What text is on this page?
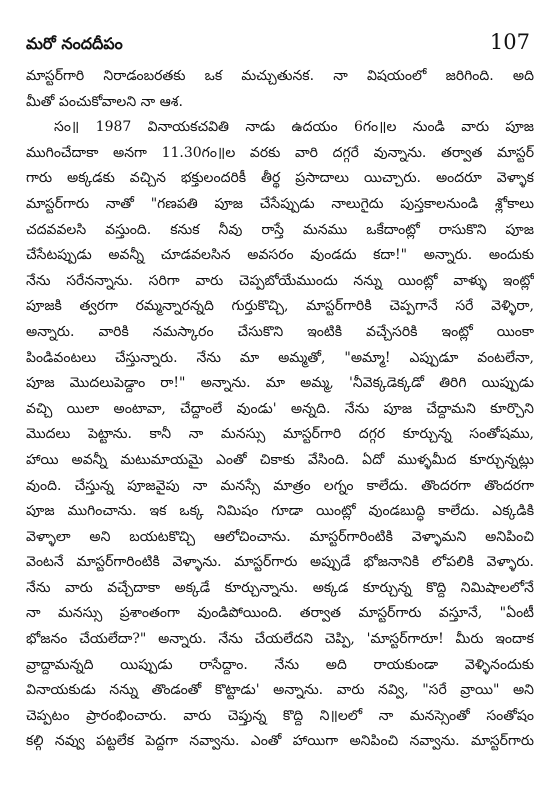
మరో నందదీపం	107
మాస్టర్‌గారి నిరాడంబరతకు ఒక మచ్చుతునక. నా విషయంలో జరిగింది. అది
మీతో పంచుకోవాలని నా ఆశ.
సం॥ 1987 వినాయకచవితి నాడు ఉదయం 6గం॥ల నుండి వారు పూజ
ముగించేదాకా అనగా 11.30గం॥ల వరకు వారి దగ్గరే వున్నాను. తర్వాత మాస్టర్
గారు అక్కడకు వచ్చిన భక్తులందరికీ తీర్థ ప్రసాదాలు యిచ్చారు. అందరూ వెళ్ళాక
మాస్టర్‌గారు నాతో "గణపతి పూజ చేసేప్పుడు నాలుగైదు పుస్తకాలనుండి శ్లోకాలు
చదవవలసి వస్తుంది. కనుక నీవు రాస్తే మనము ఒకేదాంట్లో రాసుకొని పూజ
చేసేటప్పుడు అవన్నీ చూడవలసిన అవసరం వుండదు కదా!" అన్నారు. అందుకు
నేను సరేనన్నాను. సరిగా వారు చెప్పబోయేముందు నన్ను యింట్లో వాళ్ళు ఇంట్లో
పూజకి త్వరగా రమ్మన్నారన్నది గుర్తుకొచ్చి, మాస్టర్‌గారికి చెప్పగానే సరే వెళ్ళిరా,
అన్నారు. వారికి నమస్కారం చేసుకొని ఇంటికి వచ్చేసరికి ఇంట్లో యింకా
పిండివంటలు చేస్తున్నారు. నేను మా అమ్మతో, "అమ్మా! ఎప్పుడూ వంటలేనా,
పూజ మొదలుపెడ్దాం రా!" అన్నాను. మా అమ్మ, 'నీవెక్కడెక్కడో తిరిగి యిప్పుడు
వచ్చి యిలా అంటావా, చేద్దాంలే వుండు' అన్నది. నేను పూజ చేద్దామని కూర్చొని
మొదలు పెట్టాను. కానీ నా మనస్సు మాస్టర్‌గారి దగ్గర కూర్చున్న సంతోషము,
హాయి అవన్నీ మటుమాయమై ఎంతో చికాకు వేసింది. ఏదో ముళ్ళమీద కూర్చున్నట్లు
వుంది. చేస్తున్న పూజవైపు నా మనస్సే మాత్రం లగ్నం కాలేదు. తొందరగా తొందరగా
పూజ ముగించాను. ఇక ఒక్క నిమిషం గూడా యింట్లో వుండబుద్ధి కాలేదు. ఎక్కడికి
వెళ్ళాలా అని బయటకొచ్చి ఆలోచించాను. మాస్టర్‌గారింటికి వెళ్ళామని అనిపించి
వెంటనే మాస్టర్‌గారింటికి వెళ్ళాను. మాస్టర్‌గారు అప్పుడే భోజనానికి లోపలికి వెళ్ళారు.
నేను వారు వచ్చేదాకా అక్కడే కూర్చున్నాను. అక్కడ కూర్చున్న కొద్ది నిమిషాలలోనే
నా మనస్సు ప్రశాంతంగా వుండిపోయింది. తర్వాత మాస్టర్‌గారు వస్తూనే, "ఏంటీ
భోజనం చేయలేదా?" అన్నారు. నేను చేయలేదని చెప్పి, 'మాస్టర్‌గారూ! మీరు ఇందాక
వ్రాద్దామన్నది యిప్పుడు రాసేద్దాం. నేను అది రాయకుండా వెళ్ళినందుకు
వినాయకుడు నన్ను తొండంతో కొట్టాడు' అన్నాను. వారు నవ్వి, "సరే వ్రాయి" అని
చెప్పటం ప్రారంభించారు. వారు చెప్తున్న కొద్ది ని॥లలో నా మనస్సెంతో సంతోషం
కల్గి నవ్వు పట్టలేక పెద్దగా నవ్వాను. ఎంతో హాయిగా అనిపించి నవ్వాను. మాస్టర్‌గారు
